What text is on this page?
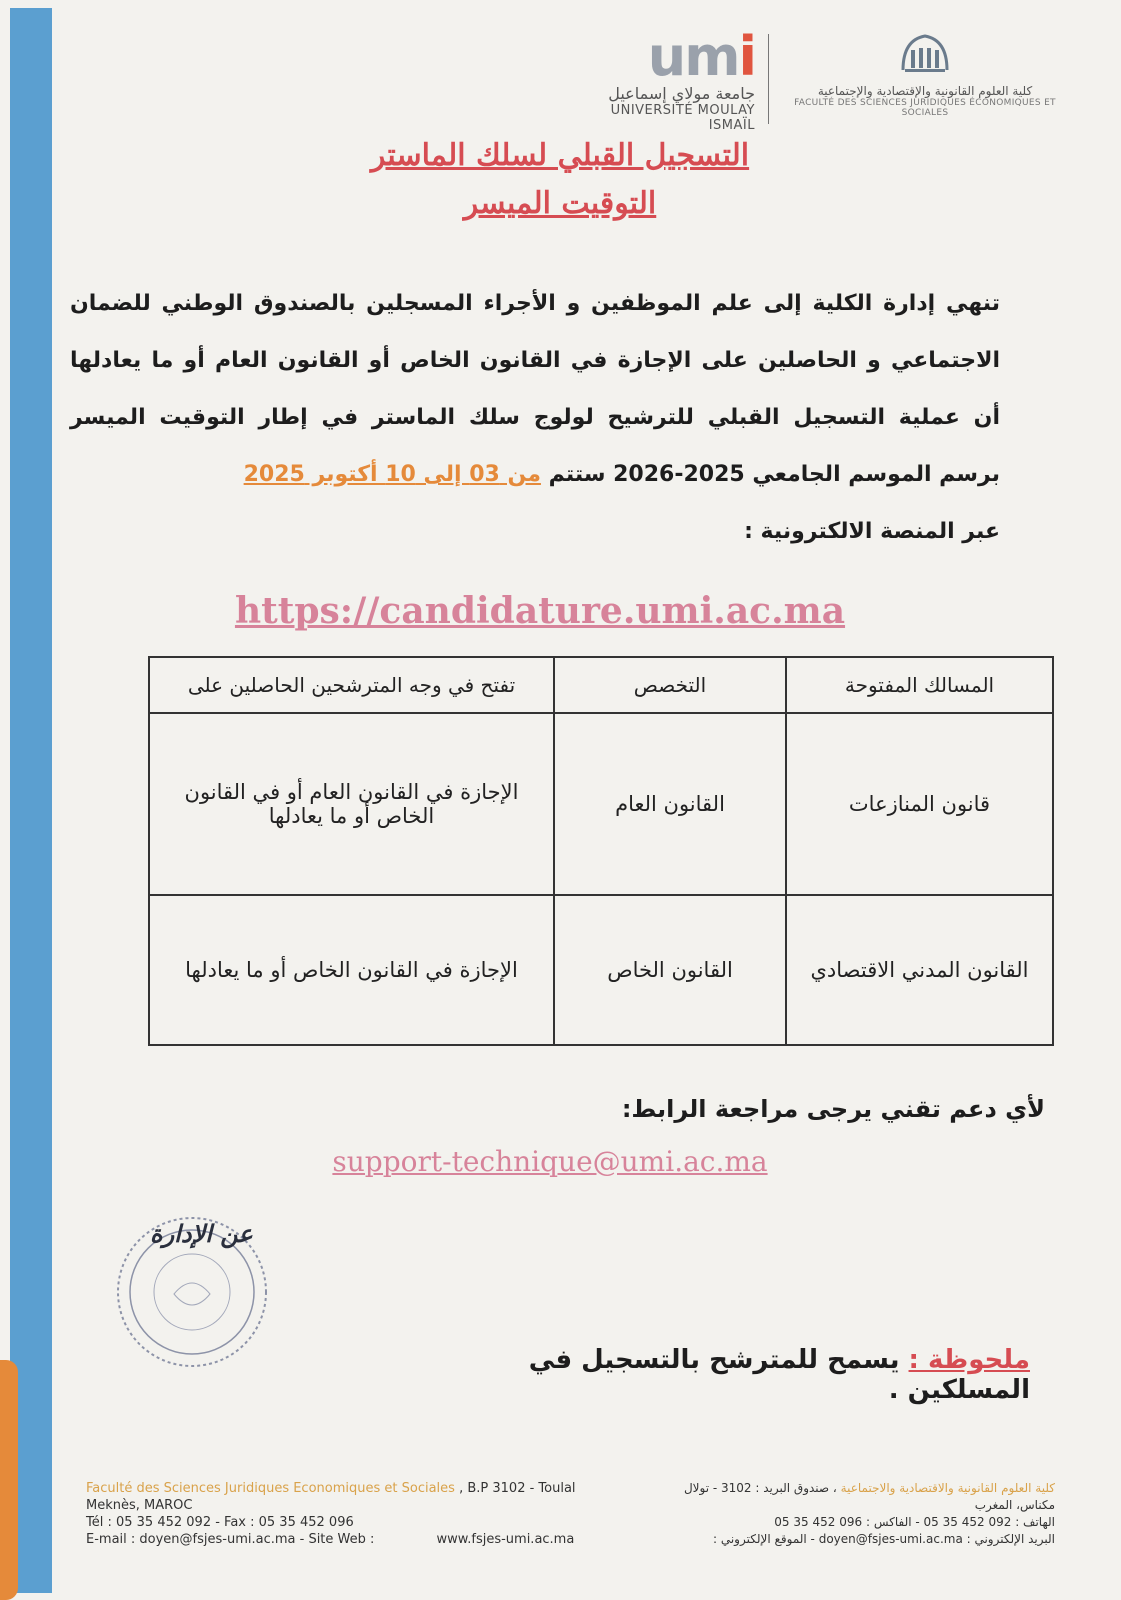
umi
جامعة مولاي إسماعيل
UNIVERSITÉ MOULAY ISMAÏL
كلية العلوم القانونية والإقتصادية والإجتماعية
FACULTÉ DES SCIENCES JURIDIQUES ÉCONOMIQUES ET SOCIALES
التسجيل القبلي لسلك الماستر
التوقيت الميسر
تنهي إدارة الكلية إلى علم الموظفين و الأجراء المسجلين بالصندوق الوطني للضمان الاجتماعي و الحاصلين على الإجازة في القانون الخاص أو القانون العام أو ما يعادلها أن عملية التسجيل القبلي للترشيح لولوج سلك الماستر في إطار التوقيت الميسر برسم الموسم الجامعي 2025-2026 ستتم من 03 إلى 10 أكتوبر 2025
عبر المنصة الالكترونية :
https://candidature.umi.ac.ma
المسالك المفتوحة	التخصص	تفتح في وجه المترشحين الحاصلين على
قانون المنازعات	القانون العام	الإجازة في القانون العام أو في القانون الخاص أو ما يعادلها
القانون المدني الاقتصادي	القانون الخاص	الإجازة في القانون الخاص أو ما يعادلها
لأي دعم تقني يرجى مراجعة الرابط:
support-technique@umi.ac.ma
عن الإدارة
ملحوظة : يسمح للمترشح بالتسجيل في المسلكين .
Faculté des Sciences Juridiques Economiques et Sociales , B.P 3102 - Toulal
Meknès, MAROC
Tél : 05 35 452 092 - Fax : 05 35 452 096
E-mail : doyen@fsjes-umi.ac.ma - Site Web :	www.fsjes-umi.ac.ma
كلية العلوم القانونية والاقتصادية والاجتماعية ، صندوق البريد : 3102 - تولال
مكناس، المغرب
الهاتف : 092 452 35 05 - الفاكس : 096 452 35 05
البريد الإلكتروني : doyen@fsjes-umi.ac.ma - الموقع الإلكتروني :
